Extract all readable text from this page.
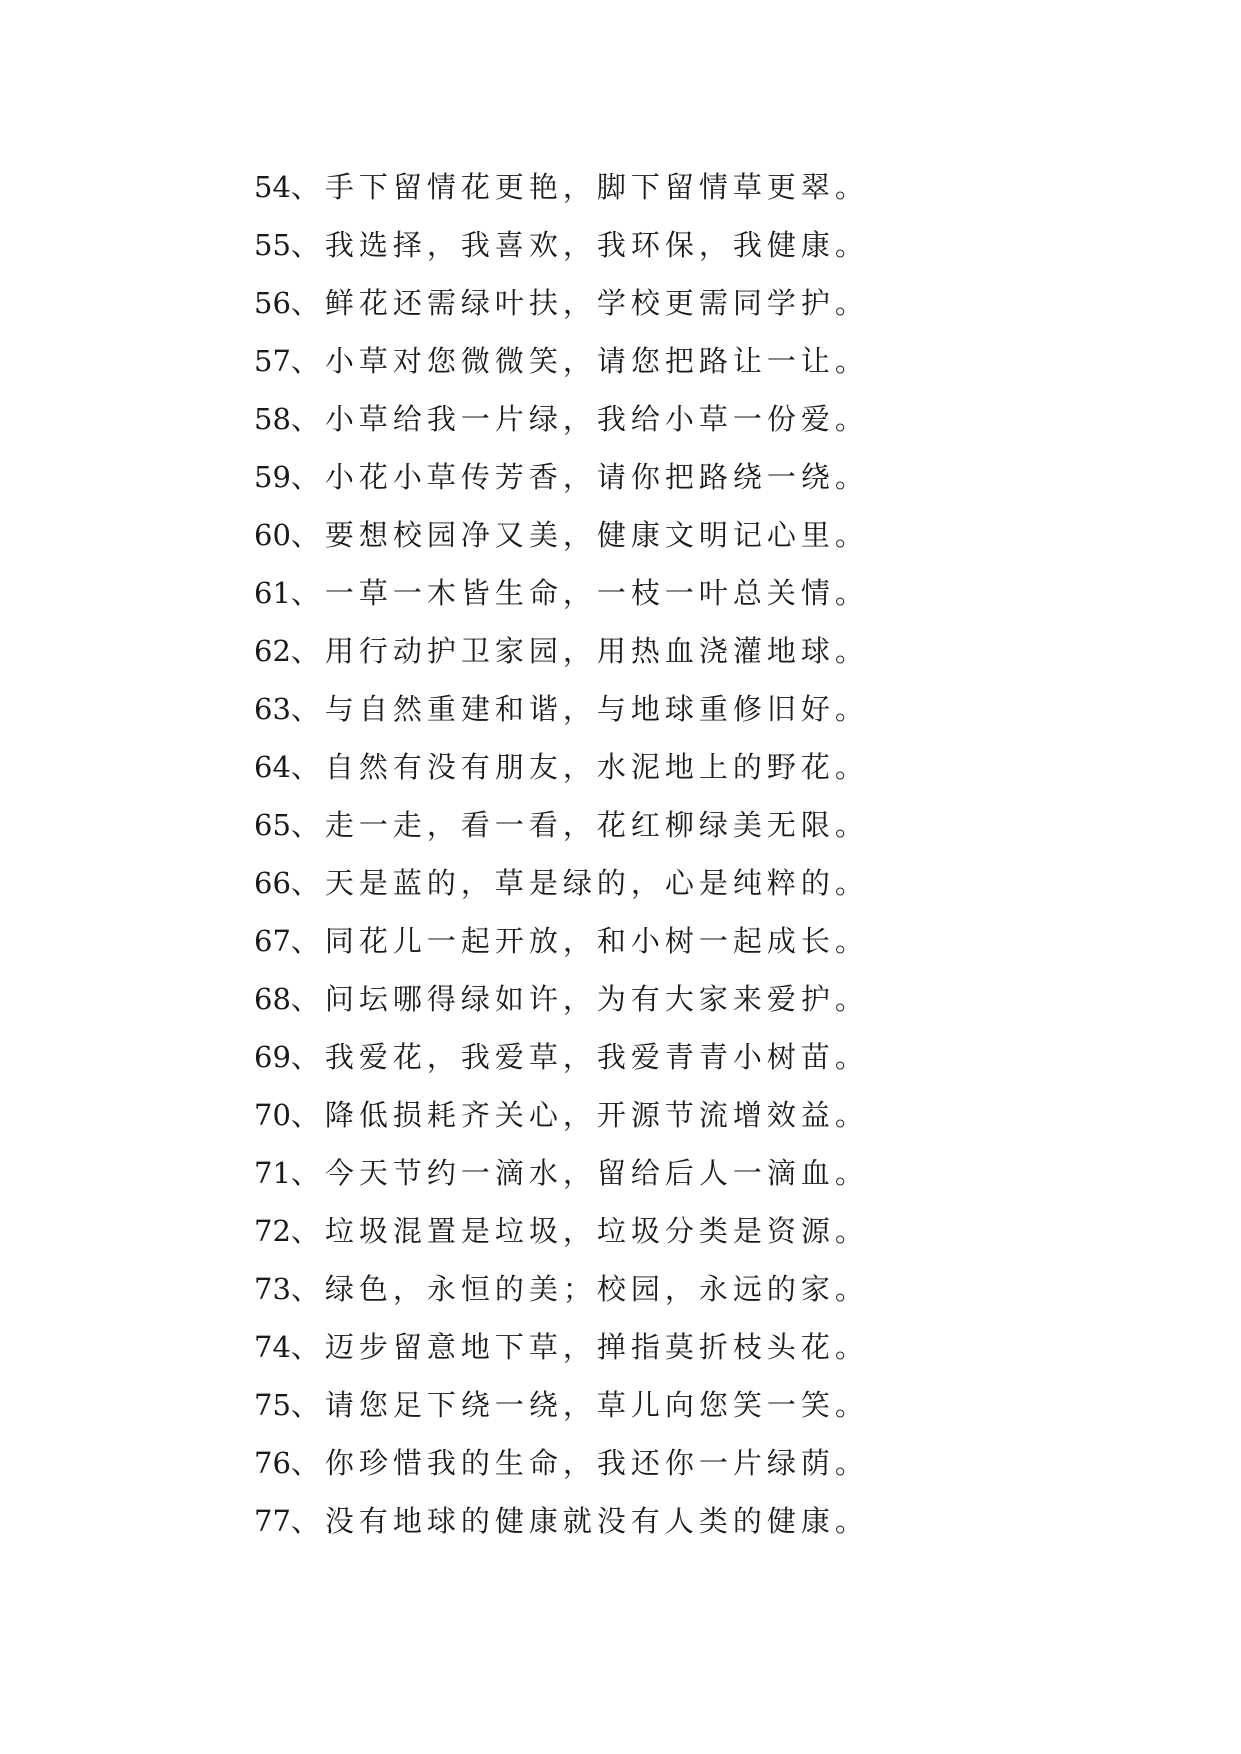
54、手下留情花更艳，脚下留情草更翠。
55、我选择，我喜欢，我环保，我健康。
56、鲜花还需绿叶扶，学校更需同学护。
57、小草对您微微笑，请您把路让一让。
58、小草给我一片绿，我给小草一份爱。
59、小花小草传芳香，请你把路绕一绕。
60、要想校园净又美，健康文明记心里。
61、一草一木皆生命，一枝一叶总关情。
62、用行动护卫家园，用热血浇灌地球。
63、与自然重建和谐，与地球重修旧好。
64、自然有没有朋友，水泥地上的野花。
65、走一走，看一看，花红柳绿美无限。
66、天是蓝的，草是绿的，心是纯粹的。
67、同花儿一起开放，和小树一起成长。
68、问坛哪得绿如许，为有大家来爱护。
69、我爱花，我爱草，我爱青青小树苗。
70、降低损耗齐关心，开源节流增效益。
71、今天节约一滴水，留给后人一滴血。
72、垃圾混置是垃圾，垃圾分类是资源。
73、绿色，永恒的美；校园，永远的家。
74、迈步留意地下草，掸指莫折枝头花。
75、请您足下绕一绕，草儿向您笑一笑。
76、你珍惜我的生命，我还你一片绿荫。
77、没有地球的健康就没有人类的健康。
